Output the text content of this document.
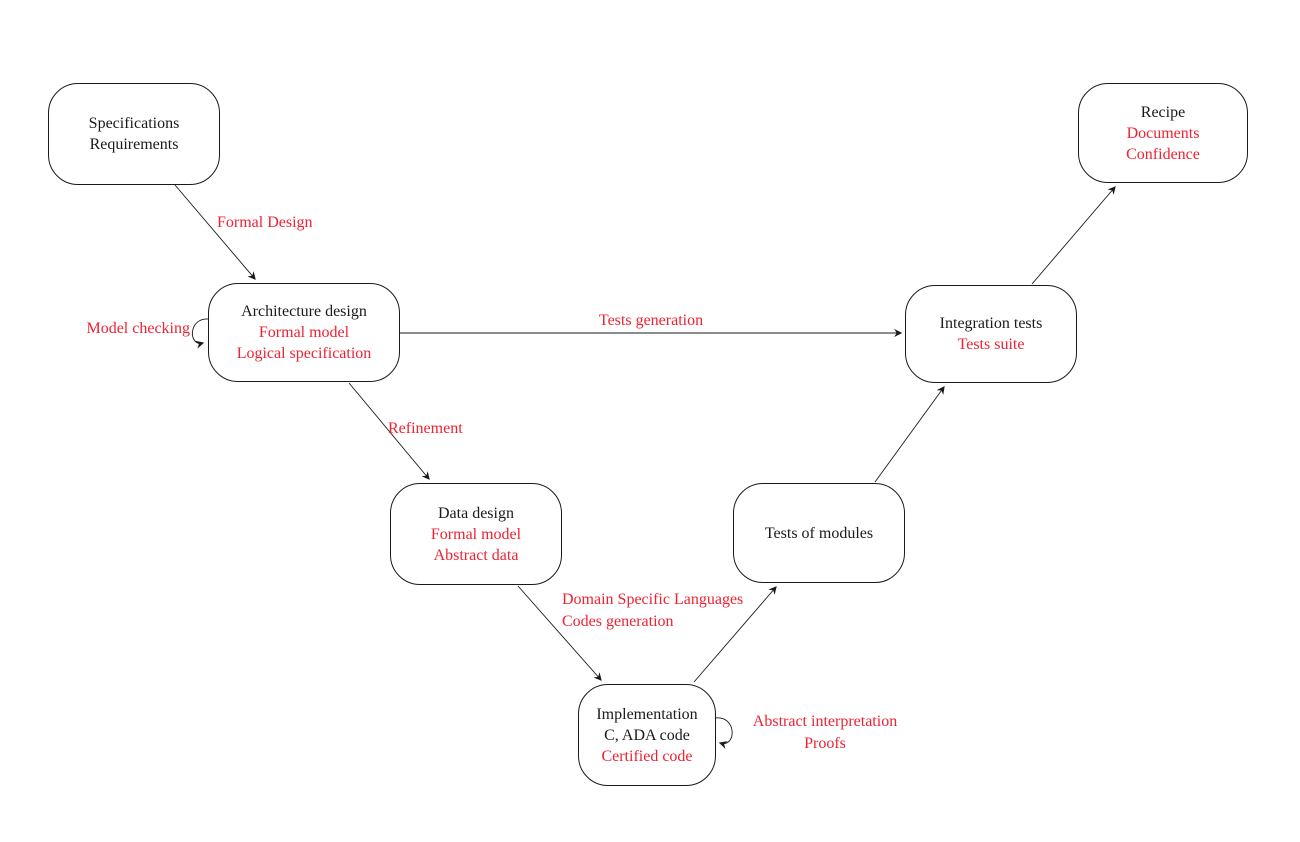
Specifications
Requirements
Architecture design
Formal model
Logical specification
Data design
Formal model
Abstract data
Implementation
C, ADA code
Certified code
Tests of modules
Integration tests
Tests suite
Recipe
Documents
Confidence
Formal Design
Model checking	Tests generation
Refinement
Domain Specific Languages
Codes generation
Abstract interpretation
Proofs
